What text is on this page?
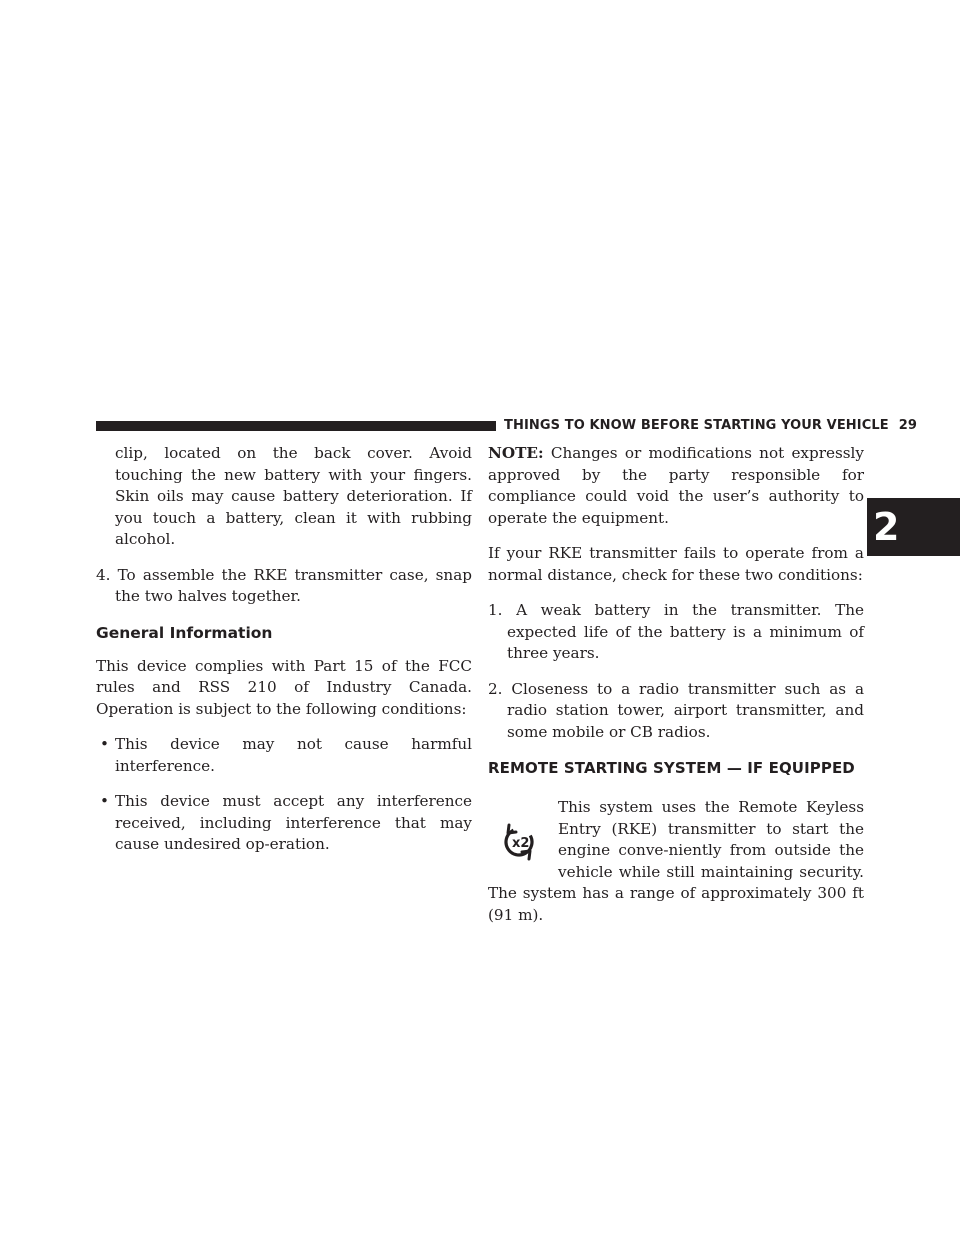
THINGS TO KNOW BEFORE STARTING YOUR VEHICLE 29
2

clip, located on the back cover. Avoid touching the new battery with your fingers. Skin oils may cause battery deterioration. If you touch a battery, clean it with rubbing alcohol.

4. To assemble the RKE transmitter case, snap the two halves together.

General Information

This device complies with Part 15 of the FCC rules and RSS 210 of Industry Canada. Operation is subject to the following conditions:

• This device may not cause harmful interference.

• This device must accept any interference received, including interference that may cause undesired op-eration.

NOTE: Changes or modifications not expressly approved by the party responsible for compliance could void the user’s authority to operate the equipment.

If your RKE transmitter fails to operate from a normal distance, check for these two conditions:

1. A weak battery in the transmitter. The expected life of the battery is a minimum of three years.

2. Closeness to a radio transmitter such as a radio station tower, airport transmitter, and some mobile or CB radios.

REMOTE STARTING SYSTEM — IF EQUIPPED
x2

This system uses the Remote Keyless Entry (RKE) transmitter to start the engine conve-niently from outside the vehicle while still maintaining security. The system has a range of approximately 300 ft (91 m).
